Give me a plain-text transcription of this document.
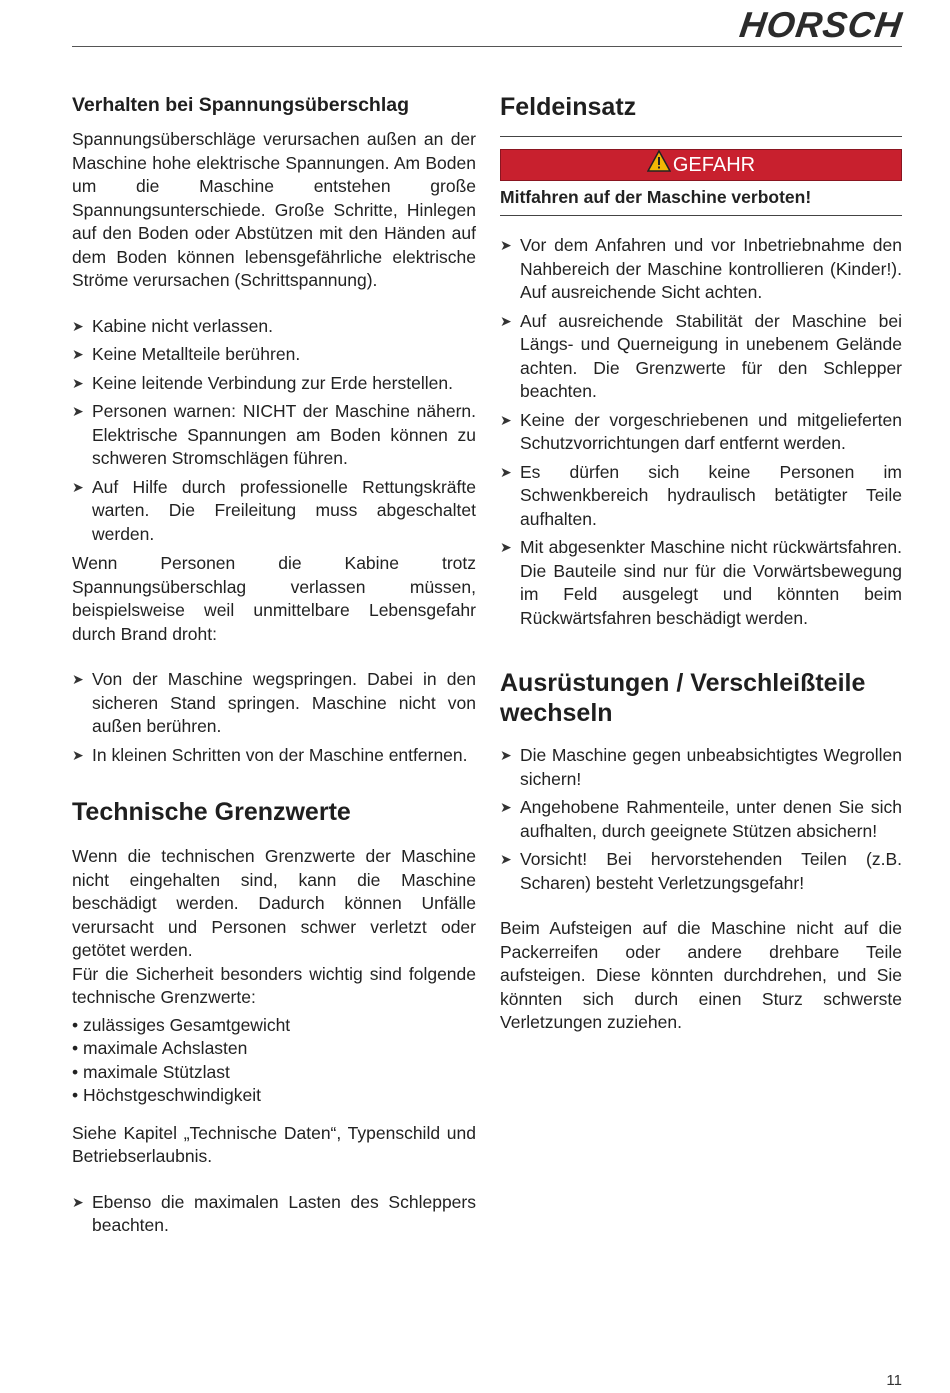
HORSCH
Verhalten bei Spannungsüberschlag

Spannungsüberschläge verursachen außen an der Maschine hohe elektrische Spannungen. Am Boden um die Maschine entstehen große Spannungsunterschiede. Große Schritte, Hinlegen auf den Boden oder Abstützen mit den Händen auf dem Boden können lebensgefährliche elektrische Ströme verursachen (Schrittspannung).

➤ Kabine nicht verlassen.
➤ Keine Metallteile berühren.
➤ Keine leitende Verbindung zur Erde herstellen.
➤ Personen warnen: NICHT der Maschine nähern. Elektrische Spannungen am Boden können zu schweren Stromschlägen führen.
➤ Auf Hilfe durch professionelle Rettungskräfte warten. Die Freileitung muss abgeschaltet werden.

Wenn Personen die Kabine trotz Spannungsüberschlag verlassen müssen, beispielsweise weil unmittelbare Lebensgefahr durch Brand droht:

➤ Von der Maschine wegspringen. Dabei in den sicheren Stand springen. Maschine nicht von außen berühren.
➤ In kleinen Schritten von der Maschine entfernen.
Technische Grenzwerte

Wenn die technischen Grenzwerte der Maschine nicht eingehalten sind, kann die Maschine beschädigt werden. Dadurch können Unfälle verursacht und Personen schwer verletzt oder getötet werden.

Für die Sicherheit besonders wichtig sind folgende technische Grenzwerte:

• zulässiges Gesamtgewicht
• maximale Achslasten
• maximale Stützlast
• Höchstgeschwindigkeit

Siehe Kapitel „Technische Daten“, Typenschild und Betriebserlaubnis.

➤ Ebenso die maximalen Lasten des Schleppers beachten.
Feldeinsatz
GEFAHR

Mitfahren auf der Maschine verboten!

➤ Vor dem Anfahren und vor Inbetriebnahme den Nahbereich der Maschine kontrollieren (Kinder!). Auf ausreichende Sicht achten.
➤ Auf ausreichende Stabilität der Maschine bei Längs- und Querneigung in unebenem Gelände achten. Die Grenzwerte für den Schlepper beachten.
➤ Keine der vorgeschriebenen und mitgelieferten Schutzvorrichtungen darf entfernt werden.
➤ Es dürfen sich keine Personen im Schwenkbereich hydraulisch betätigter Teile aufhalten.
➤ Mit abgesenkter Maschine nicht rückwärtsfahren. Die Bauteile sind nur für die Vorwärtsbewegung im Feld ausgelegt und könnten beim Rückwärtsfahren beschädigt werden.
Ausrüstungen / Verschleißteile wechseln
➤ Die Maschine gegen unbeabsichtigtes Wegrollen sichern!
➤ Angehobene Rahmenteile, unter denen Sie sich aufhalten, durch geeignete Stützen absichern!
➤ Vorsicht! Bei hervorstehenden Teilen (z.B. Scharen) besteht Verletzungsgefahr!

Beim Aufsteigen auf die Maschine nicht auf die Packerreifen oder andere drehbare Teile aufsteigen. Diese könnten durchdrehen, und Sie könnten sich durch einen Sturz schwerste Verletzungen zuziehen.

11
